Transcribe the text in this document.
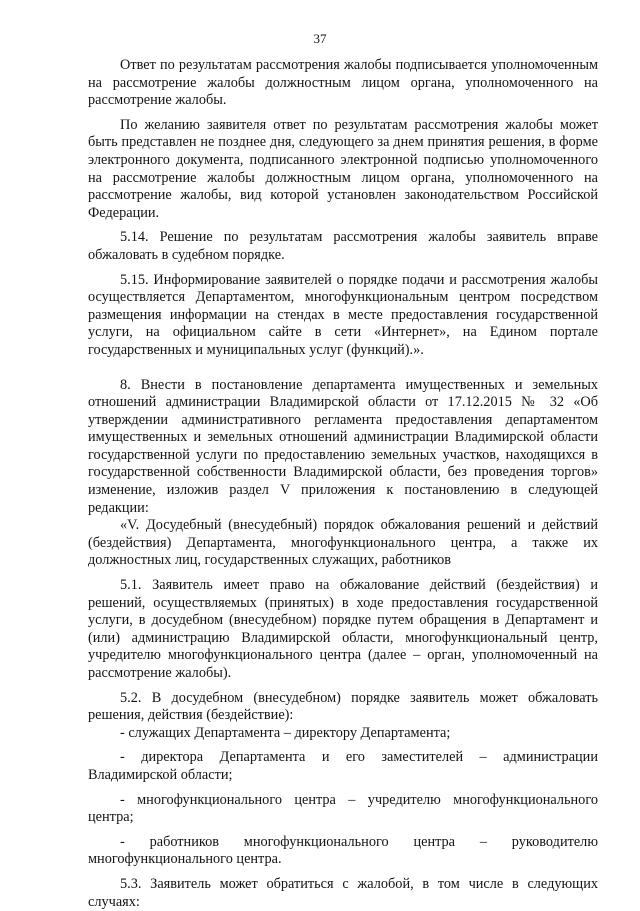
37

Ответ по результатам рассмотрения жалобы подписывается уполномоченным на рассмотрение жалобы должностным лицом органа, уполномоченного на рассмотрение жалобы.

По желанию заявителя ответ по результатам рассмотрения жалобы может быть представлен не позднее дня, следующего за днем принятия решения, в форме электронного документа, подписанного электронной подписью уполномоченного на рассмотрение жалобы должностным лицом органа, уполномоченного на рассмотрение жалобы, вид которой установлен законодательством Российской Федерации.

5.14. Решение по результатам рассмотрения жалобы заявитель вправе обжаловать в судебном порядке.

5.15. Информирование заявителей о порядке подачи и рассмотрения жалобы осуществляется Департаментом, многофункциональным центром посредством размещения информации на стендах в месте предоставления государственной услуги, на официальном сайте в сети «Интернет», на Едином портале государственных и муниципальных услуг (функций).».

8. Внести в постановление департамента имущественных и земельных отношений администрации Владимирской области от 17.12.2015 № 32 «Об утверждении административного регламента предоставления департаментом имущественных и земельных отношений администрации Владимирской области государственной услуги по предоставлению земельных участков, находящихся в государственной собственности Владимирской области, без проведения торгов» изменение, изложив раздел V приложения к постановлению в следующей редакции:

«V. Досудебный (внесудебный) порядок обжалования решений и действий (бездействия) Департамента, многофункционального центра, а также их должностных лиц, государственных служащих, работников

5.1. Заявитель имеет право на обжалование действий (бездействия) и решений, осуществляемых (принятых) в ходе предоставления государственной услуги, в досудебном (внесудебном) порядке путем обращения в Департамент и (или) администрацию Владимирской области, многофункциональный центр, учредителю многофункционального центра (далее – орган, уполномоченный на рассмотрение жалобы).

5.2. В досудебном (внесудебном) порядке заявитель может обжаловать решения, действия (бездействие):

- служащих Департамента – директору Департамента;

- директора Департамента и его заместителей – администрации Владимирской области;

- многофункционального центра – учредителю многофункционального центра;

- работников многофункционального центра – руководителю многофункционального центра.

5.3. Заявитель может обратиться с жалобой, в том числе в следующих случаях:
